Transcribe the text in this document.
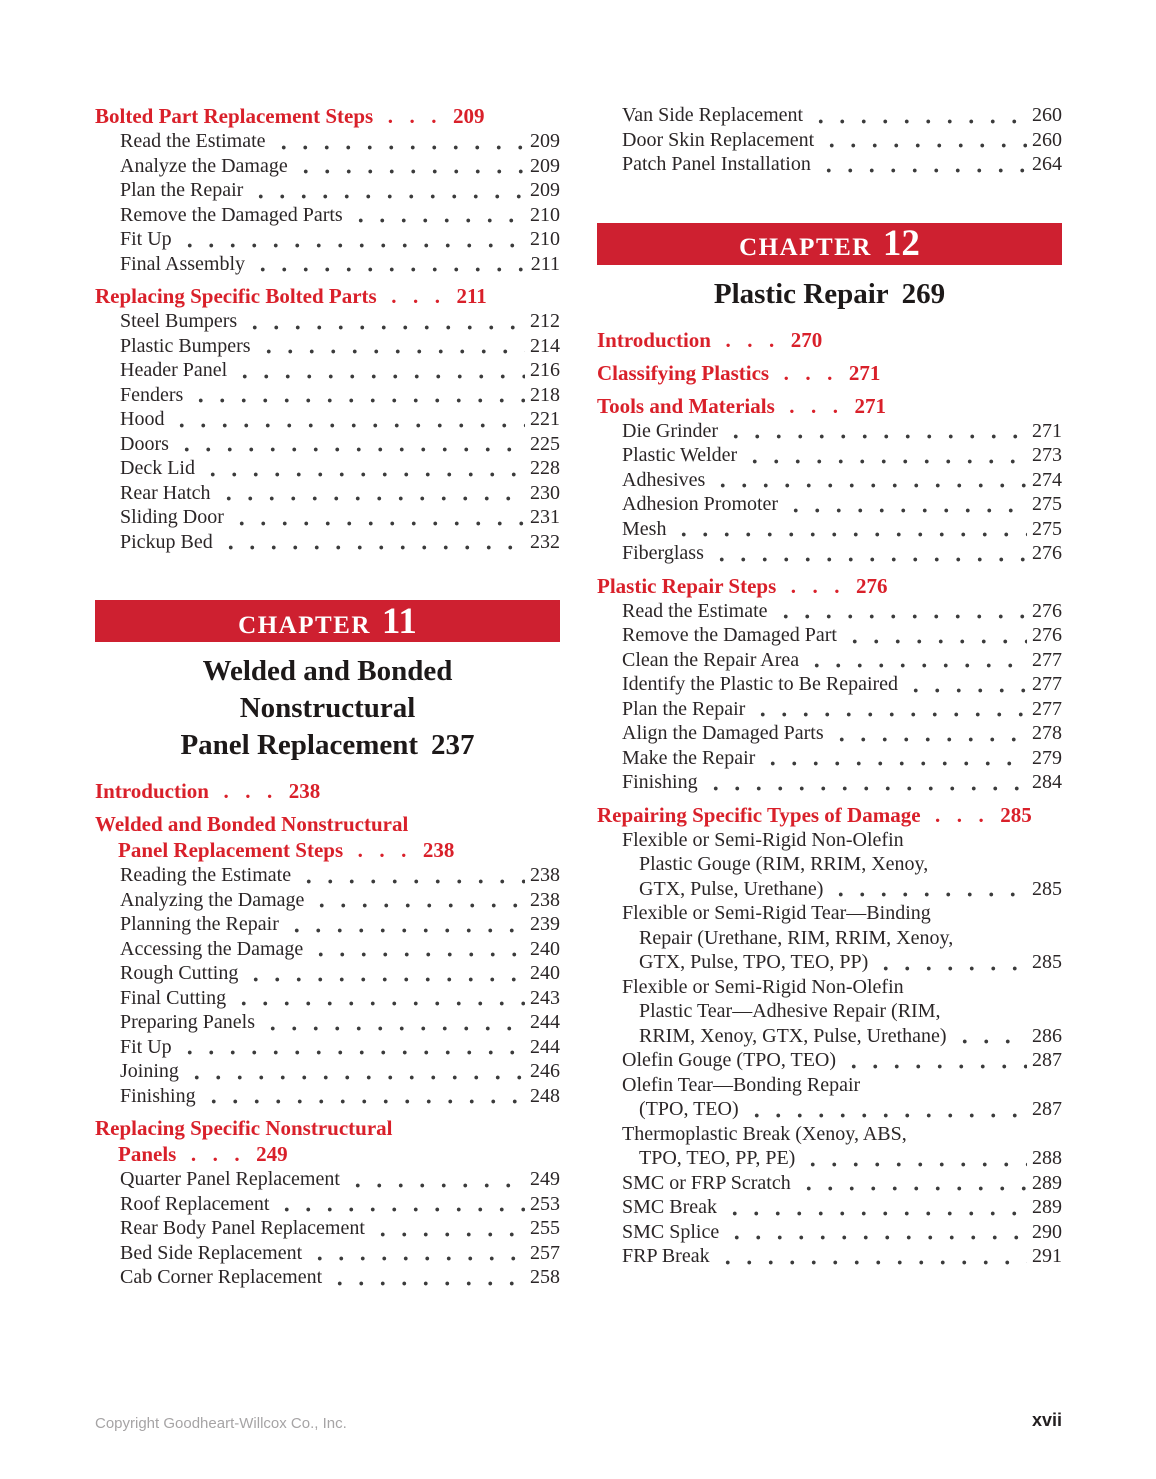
Bolted Part Replacement Steps .  .	209
Read the Estimate	209
Analyze the Damage	209
Plan the Repair	209
Remove the Damaged Parts	210
Fit Up	210
Final Assembly	211
Replacing Specific Bolted Parts .  .	211
Steel Bumpers	212
Plastic Bumpers	214
Header Panel	216
Fenders	218
Hood	221
Doors	225
Deck Lid	228
Rear Hatch	230
Sliding Door	231
Pickup Bed	232
CHAPTER 11
Welded and Bonded
Nonstructural
Panel Replacement 237
Introduction .  .	238
Welded and Bonded Nonstructural
Panel Replacement Steps .  .	238
Reading the Estimate	238
Analyzing the Damage	238
Planning the Repair	239
Accessing the Damage	240
Rough Cutting	240
Final Cutting	243
Preparing Panels	244
Fit Up	244
Joining	246
Finishing	248
Replacing Specific Nonstructural
Panels .  .	249
Quarter Panel Replacement	249
Roof Replacement	253
Rear Body Panel Replacement	255
Bed Side Replacement	257
Cab Corner Replacement	258
Van Side Replacement	260
Door Skin Replacement	260
Patch Panel Installation	264
CHAPTER 12
Plastic Repair 269
Introduction .  .	270
Classifying Plastics .  .	271
Tools and Materials .  .	271
Die Grinder	271
Plastic Welder	273
Adhesives	274
Adhesion Promoter	275
Mesh	275
Fiberglass	276
Plastic Repair Steps .  .	276
Read the Estimate	276
Remove the Damaged Part	276
Clean the Repair Area	277
Identify the Plastic to Be Repaired	277
Plan the Repair	277
Align the Damaged Parts	278
Make the Repair	279
Finishing	284
Repairing Specific Types of Damage .  .	285
Flexible or Semi-Rigid Non-Olefin
Plastic Gouge (RIM, RRIM, Xenoy,
GTX, Pulse, Urethane)	285
Flexible or Semi-Rigid Tear—Binding
Repair (Urethane, RIM, RRIM, Xenoy,
GTX, Pulse, TPO, TEO, PP)	285
Flexible or Semi-Rigid Non-Olefin
Plastic Tear—Adhesive Repair (RIM,
RRIM, Xenoy, GTX, Pulse, Urethane)	286
Olefin Gouge (TPO, TEO)	287
Olefin Tear—Bonding Repair
(TPO, TEO)	287
Thermoplastic Break (Xenoy, ABS,
TPO, TEO, PP, PE)	288
SMC or FRP Scratch	289
SMC Break	289
SMC Splice	290
FRP Break	291
Copyright Goodheart-Willcox Co., Inc.	xvii
